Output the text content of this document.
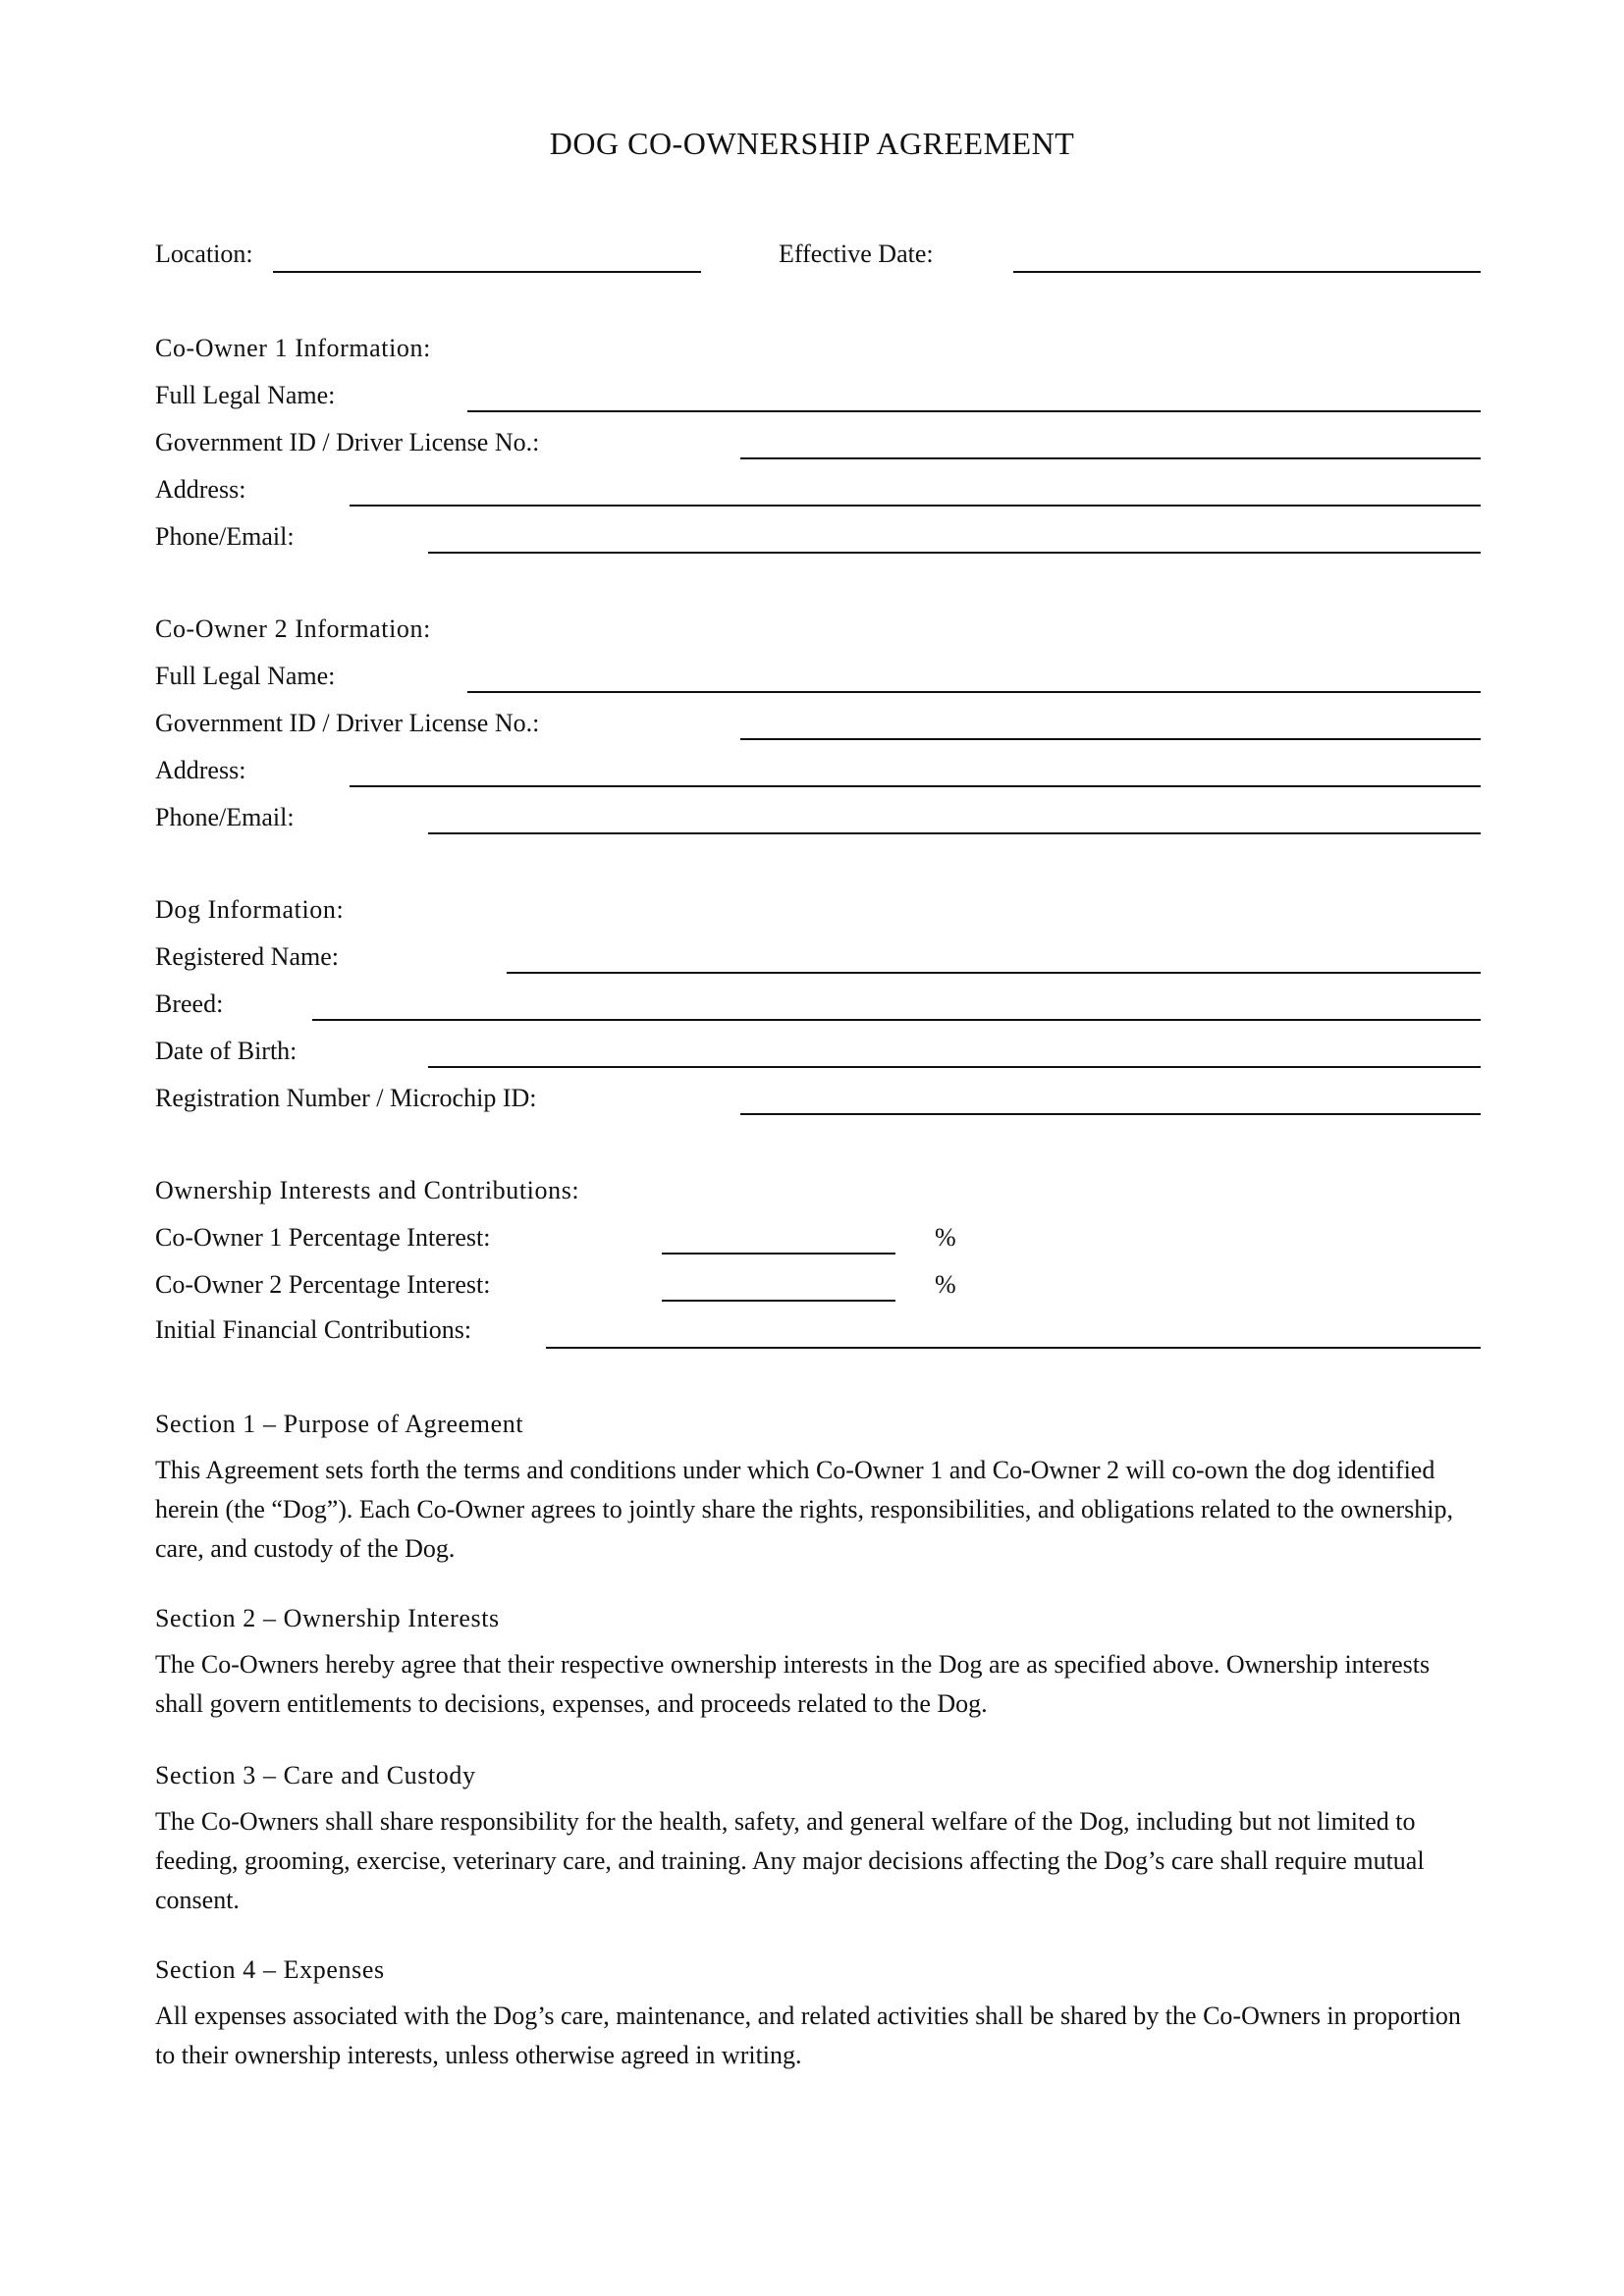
DOG CO-OWNERSHIP AGREEMENT
Location:	Effective Date:
Co-Owner 1 Information:
Full Legal Name:
Government ID / Driver License No.:
Address:
Phone/Email:
Co-Owner 2 Information:
Full Legal Name:
Government ID / Driver License No.:
Address:
Phone/Email:
Dog Information:
Registered Name:
Breed:
Date of Birth:
Registration Number / Microchip ID:
Ownership Interests and Contributions:
Co-Owner 1 Percentage Interest:	%
Co-Owner 2 Percentage Interest:	%
Initial Financial Contributions:
Section 1 – Purpose of Agreement

This Agreement sets forth the terms and conditions under which Co-Owner 1 and Co-Owner 2 will co-own the dog identified herein (the “Dog”). Each Co-Owner agrees to jointly share the rights, responsibilities, and obligations related to the ownership, care, and custody of the Dog.

Section 2 – Ownership Interests

The Co-Owners hereby agree that their respective ownership interests in the Dog are as specified above. Ownership interests shall govern entitlements to decisions, expenses, and proceeds related to the Dog.

Section 3 – Care and Custody

The Co-Owners shall share responsibility for the health, safety, and general welfare of the Dog, including but not limited to feeding, grooming, exercise, veterinary care, and training. Any major decisions affecting the Dog’s care shall require mutual consent.

Section 4 – Expenses

All expenses associated with the Dog’s care, maintenance, and related activities shall be shared by the Co-Owners in proportion to their ownership interests, unless otherwise agreed in writing.
